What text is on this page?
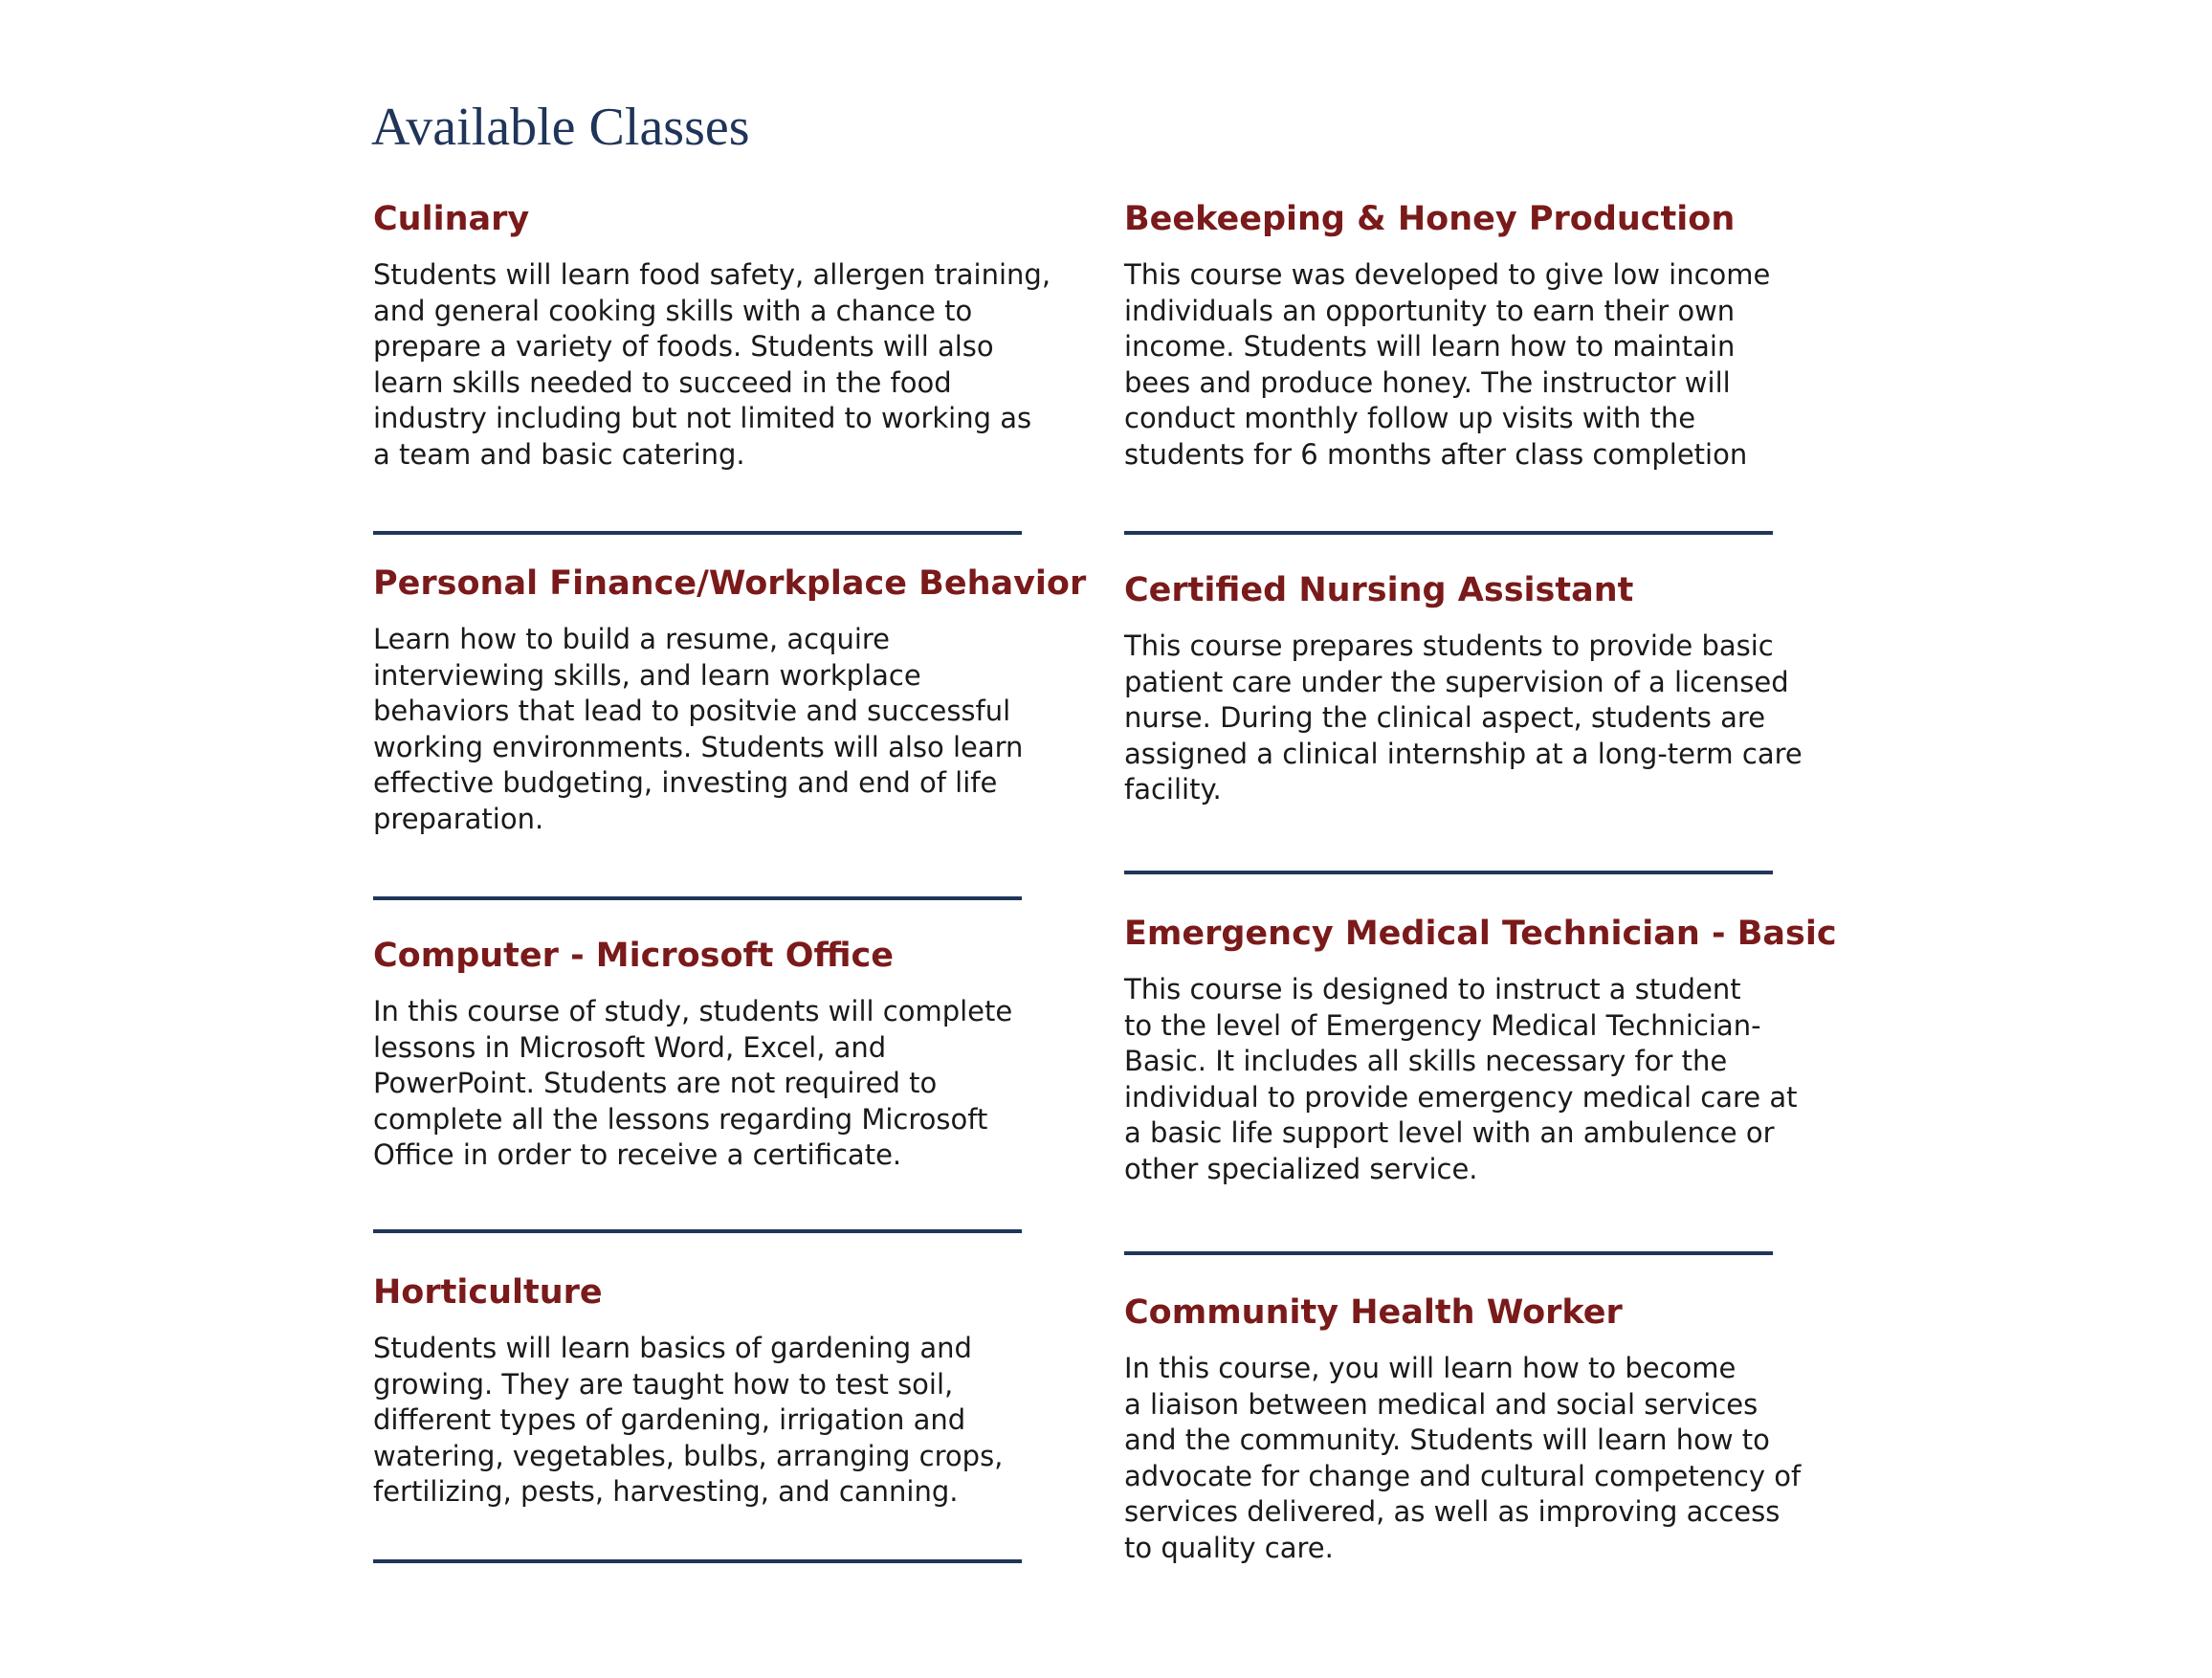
Available Classes
Culinary

Students will learn food safety, allergen training,
and general cooking skills with a chance to
prepare a variety of foods. Students will also
learn skills needed to succeed in the food
industry including but not limited to working as
a team and basic catering.

Personal Finance/Workplace Behavior

Learn how to build a resume, acquire
interviewing skills, and learn workplace
behaviors that lead to positvie and successful
working environments. Students will also learn
effective budgeting, investing and end of life
preparation.

Computer - Microsoft Office

In this course of study, students will complete
lessons in Microsoft Word, Excel, and
PowerPoint. Students are not required to
complete all the lessons regarding Microsoft
Office in order to receive a certificate.

Horticulture

Students will learn basics of gardening and
growing. They are taught how to test soil,
different types of gardening, irrigation and
watering, vegetables, bulbs, arranging crops,
fertilizing, pests, harvesting, and canning.

Beekeeping & Honey Production

This course was developed to give low income
individuals an opportunity to earn their own
income. Students will learn how to maintain
bees and produce honey. The instructor will
conduct monthly follow up visits with the
students for 6 months after class completion

Certified Nursing Assistant

This course prepares students to provide basic
patient care under the supervision of a licensed
nurse. During the clinical aspect, students are
assigned a clinical internship at a long-term care
facility.

Emergency Medical Technician - Basic

This course is designed to instruct a student
to the level of Emergency Medical Technician-
Basic. It includes all skills necessary for the
individual to provide emergency medical care at
a basic life support level with an ambulence or
other specialized service.

Community Health Worker

In this course, you will learn how to become
a liaison between medical and social services
and the community. Students will learn how to
advocate for change and cultural competency of
services delivered, as well as improving access
to quality care.
